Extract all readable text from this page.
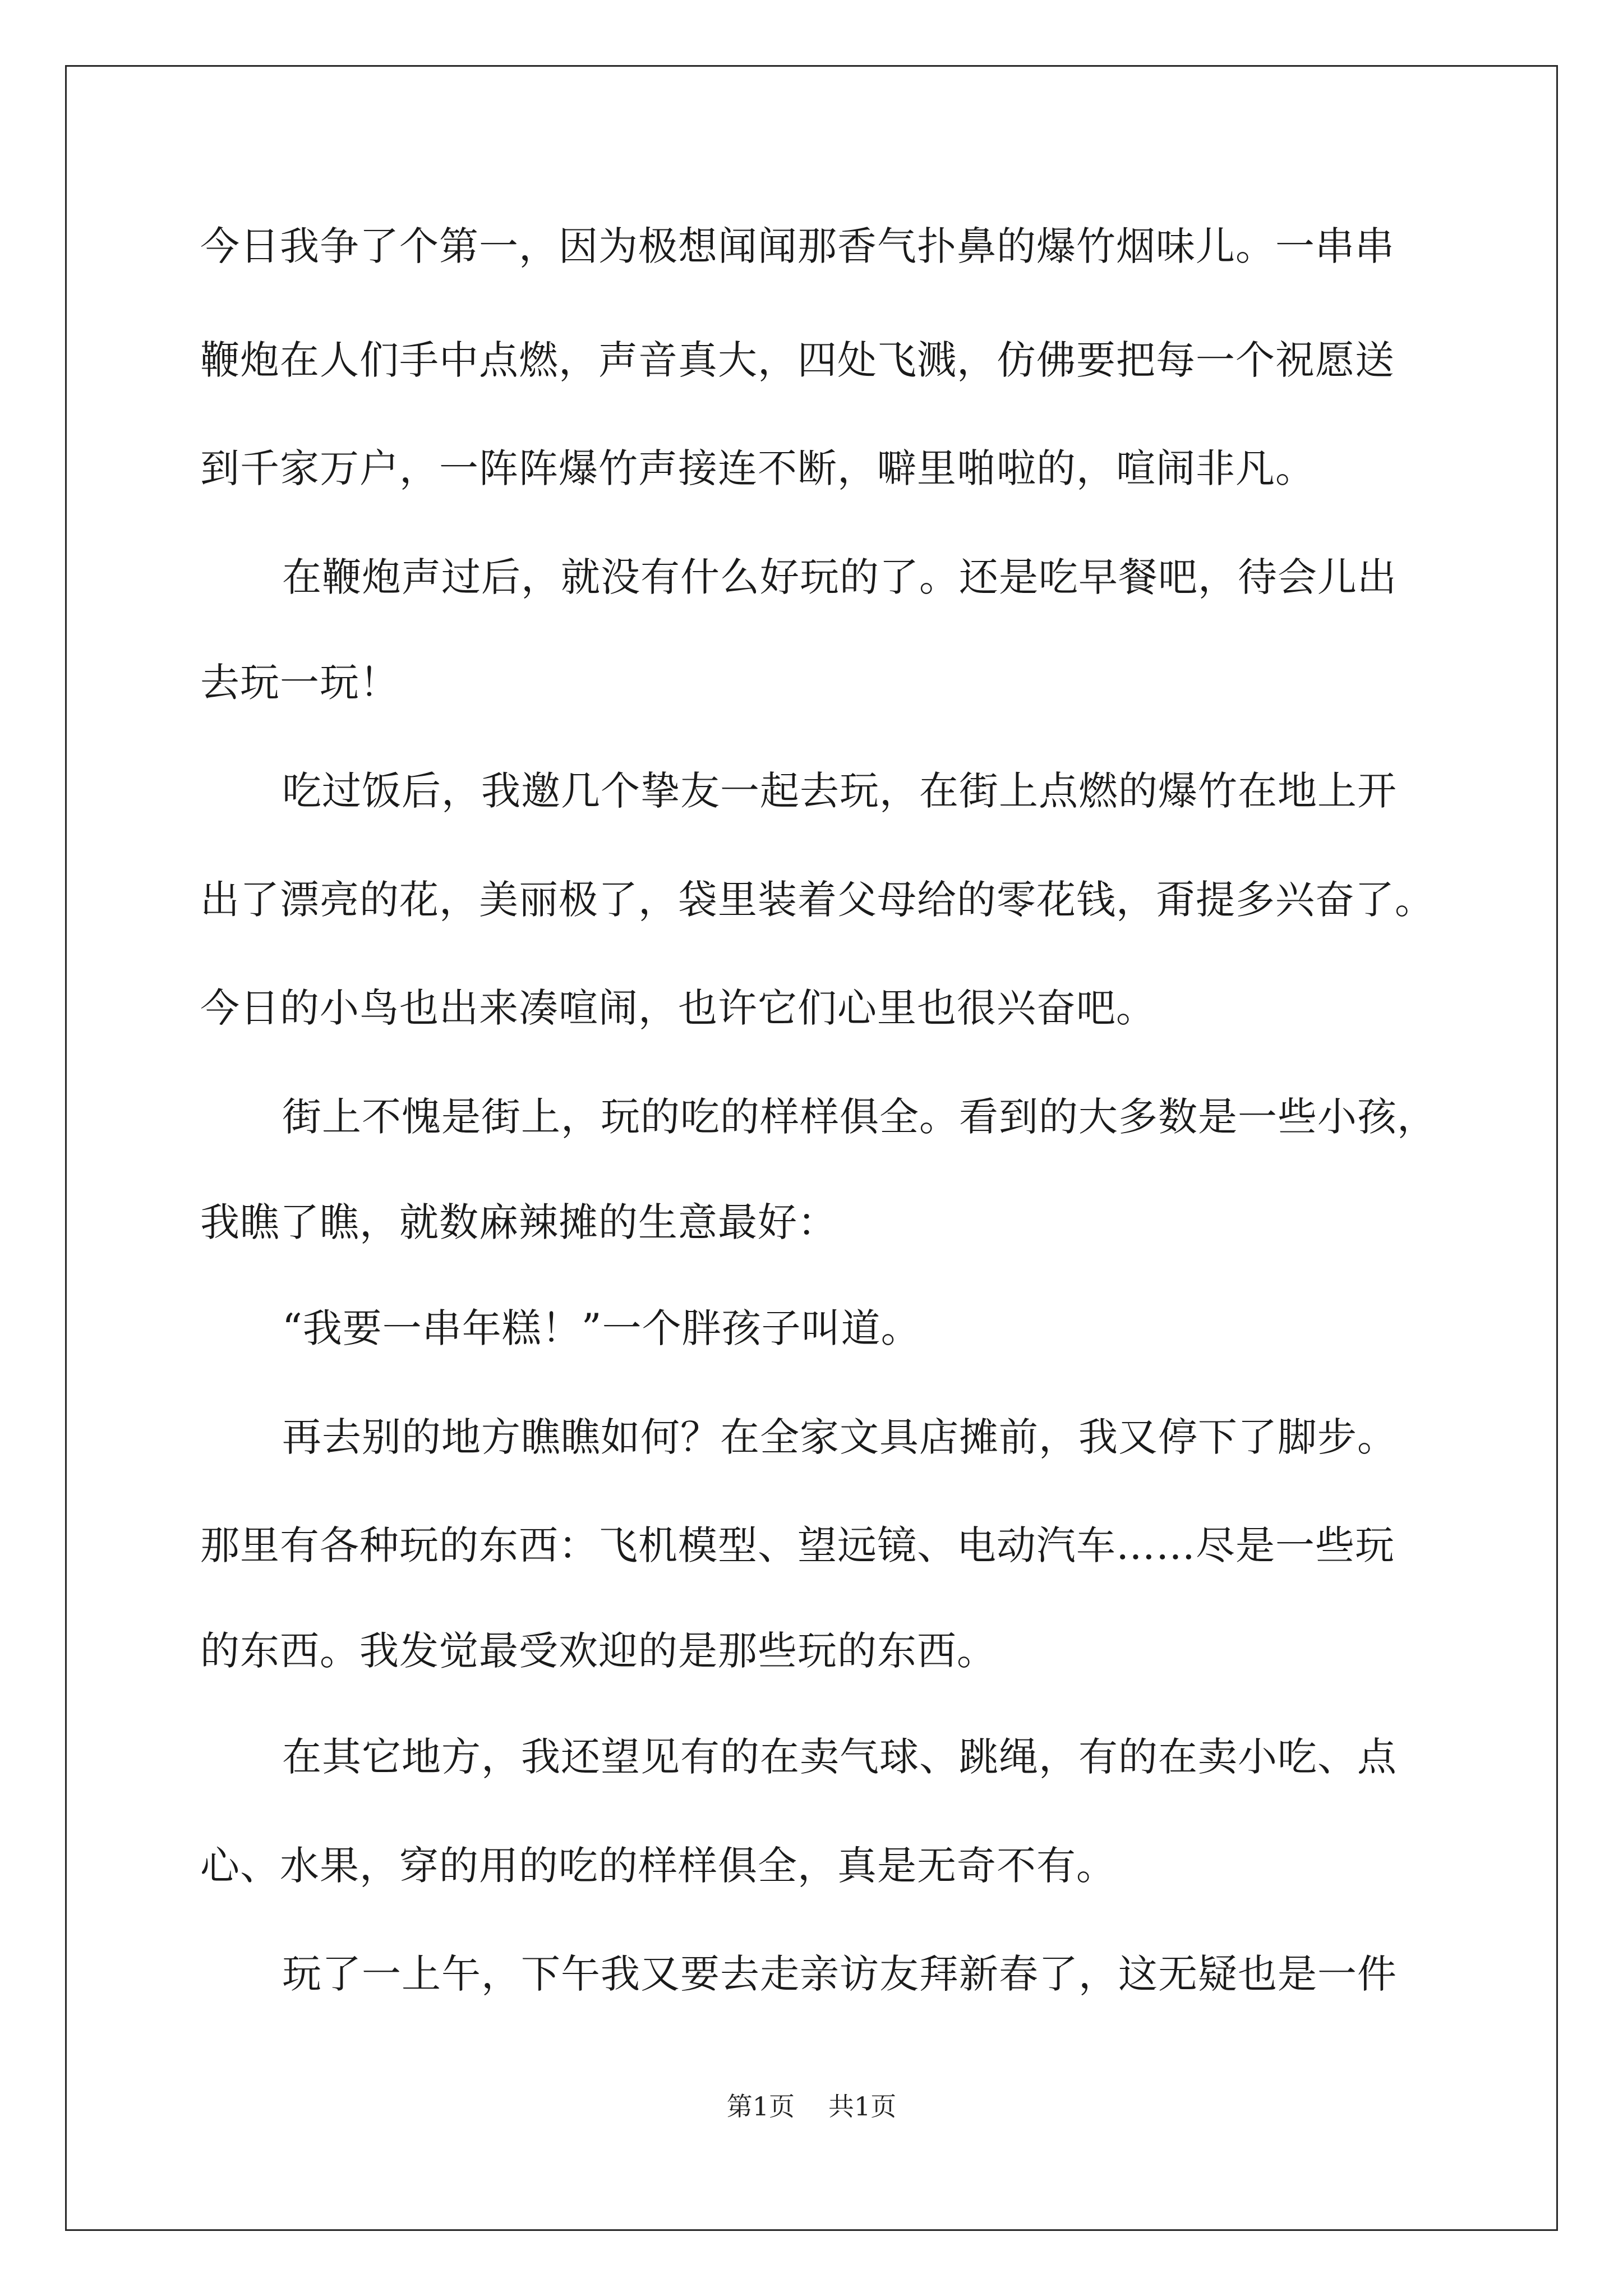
今日我争了个第一，因为极想闻闻那香气扑鼻的爆竹烟味儿。一串串
鞭炮在人们手中点燃，声音真大，四处飞溅，仿佛要把每一个祝愿送
到千家万户，一阵阵爆竹声接连不断，噼里啪啦的，喧闹非凡。
在鞭炮声过后，就没有什么好玩的了。还是吃早餐吧，待会儿出
去玩一玩！
吃过饭后，我邀几个挚友一起去玩，在街上点燃的爆竹在地上开
出了漂亮的花，美丽极了，袋里装着父母给的零花钱，甭提多兴奋了。
今日的小鸟也出来凑喧闹，也许它们心里也很兴奋吧。
街上不愧是街上，玩的吃的样样俱全。看到的大多数是一些小孩，
我瞧了瞧，就数麻辣摊的生意最好：
“我要一串年糕！”一个胖孩子叫道。
再去别的地方瞧瞧如何？在全家文具店摊前，我又停下了脚步。
那里有各种玩的东西：飞机模型、望远镜、电动汽车……尽是一些玩
的东西。我发觉最受欢迎的是那些玩的东西。
在其它地方，我还望见有的在卖气球、跳绳，有的在卖小吃、点
心、水果，穿的用的吃的样样俱全，真是无奇不有。
玩了一上午，下午我又要去走亲访友拜新春了，这无疑也是一件
第1页 共1页
